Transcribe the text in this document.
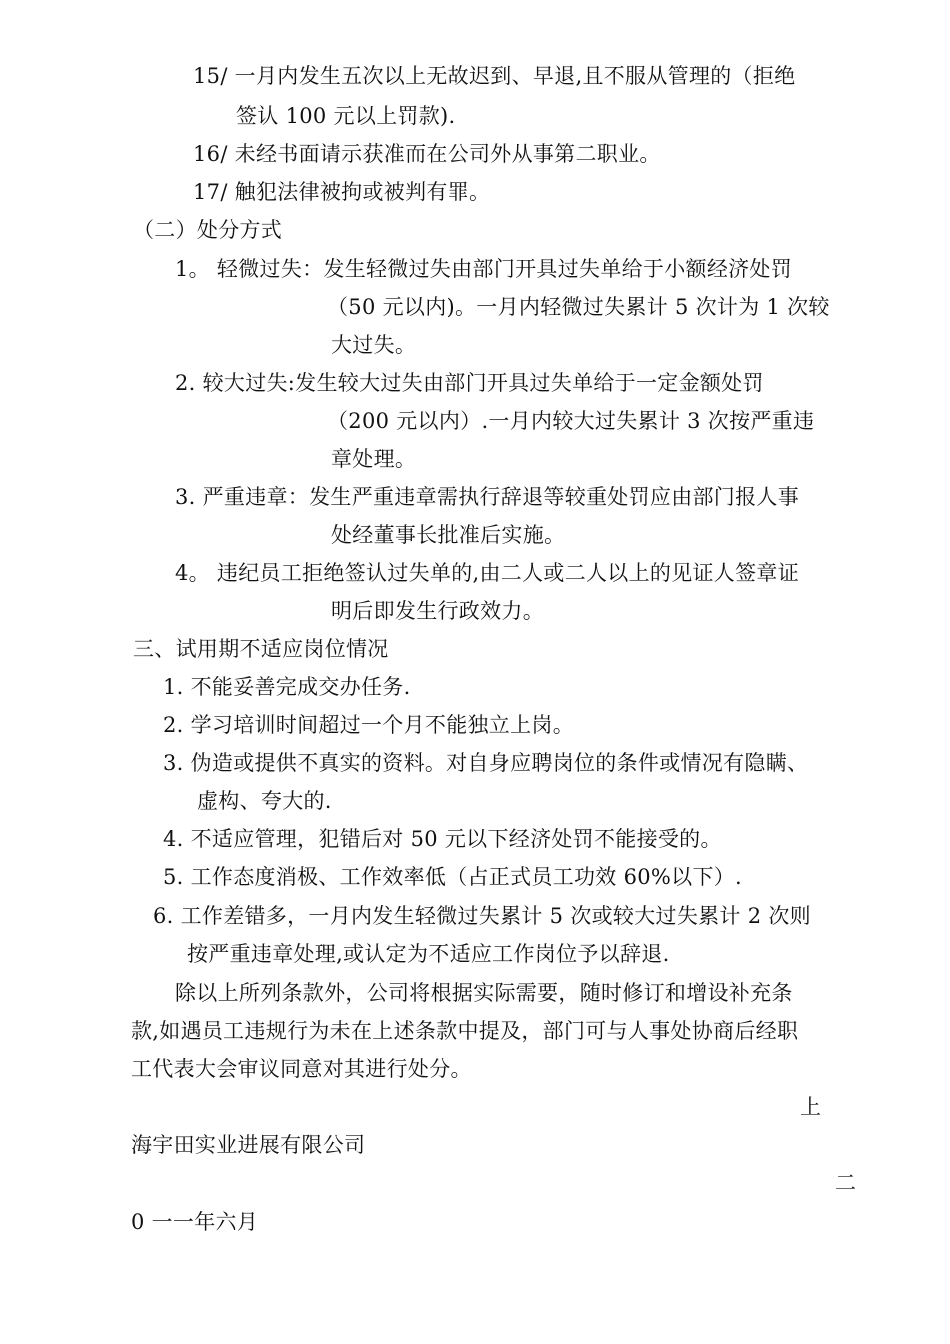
15/ 一月内发生五次以上无故迟到、早退,且不服从管理的（拒绝
签认 100 元以上罚款).
16/ 未经书面请示获准而在公司外从事第二职业。
17/ 触犯法律被拘或被判有罪。
（二）处分方式
1。 轻微过失：发生轻微过失由部门开具过失单给于小额经济处罚
（50 元以内)。一月内轻微过失累计 5 次计为 1 次较
大过失。
2. 较大过失:发生较大过失由部门开具过失单给于一定金额处罚
（200 元以内）.一月内较大过失累计 3 次按严重违
章处理。
3. 严重违章：发生严重违章需执行辞退等较重处罚应由部门报人事
处经董事长批准后实施。
4。 违纪员工拒绝签认过失单的,由二人或二人以上的见证人签章证
明后即发生行政效力。
三、试用期不适应岗位情况
1. 不能妥善完成交办任务.
2. 学习培训时间超过一个月不能独立上岗。
3. 伪造或提供不真实的资料。对自身应聘岗位的条件或情况有隐瞒、
虚构、夸大的.
4. 不适应管理，犯错后对 50 元以下经济处罚不能接受的。
5. 工作态度消极、工作效率低（占正式员工功效 60%以下）.
6. 工作差错多，一月内发生轻微过失累计 5 次或较大过失累计 2 次则
按严重违章处理,或认定为不适应工作岗位予以辞退.
除以上所列条款外，公司将根据实际需要，随时修订和增设补充条
款,如遇员工违规行为未在上述条款中提及，部门可与人事处协商后经职
工代表大会审议同意对其进行处分。
上
海宇田实业进展有限公司
二
0 一一年六月
